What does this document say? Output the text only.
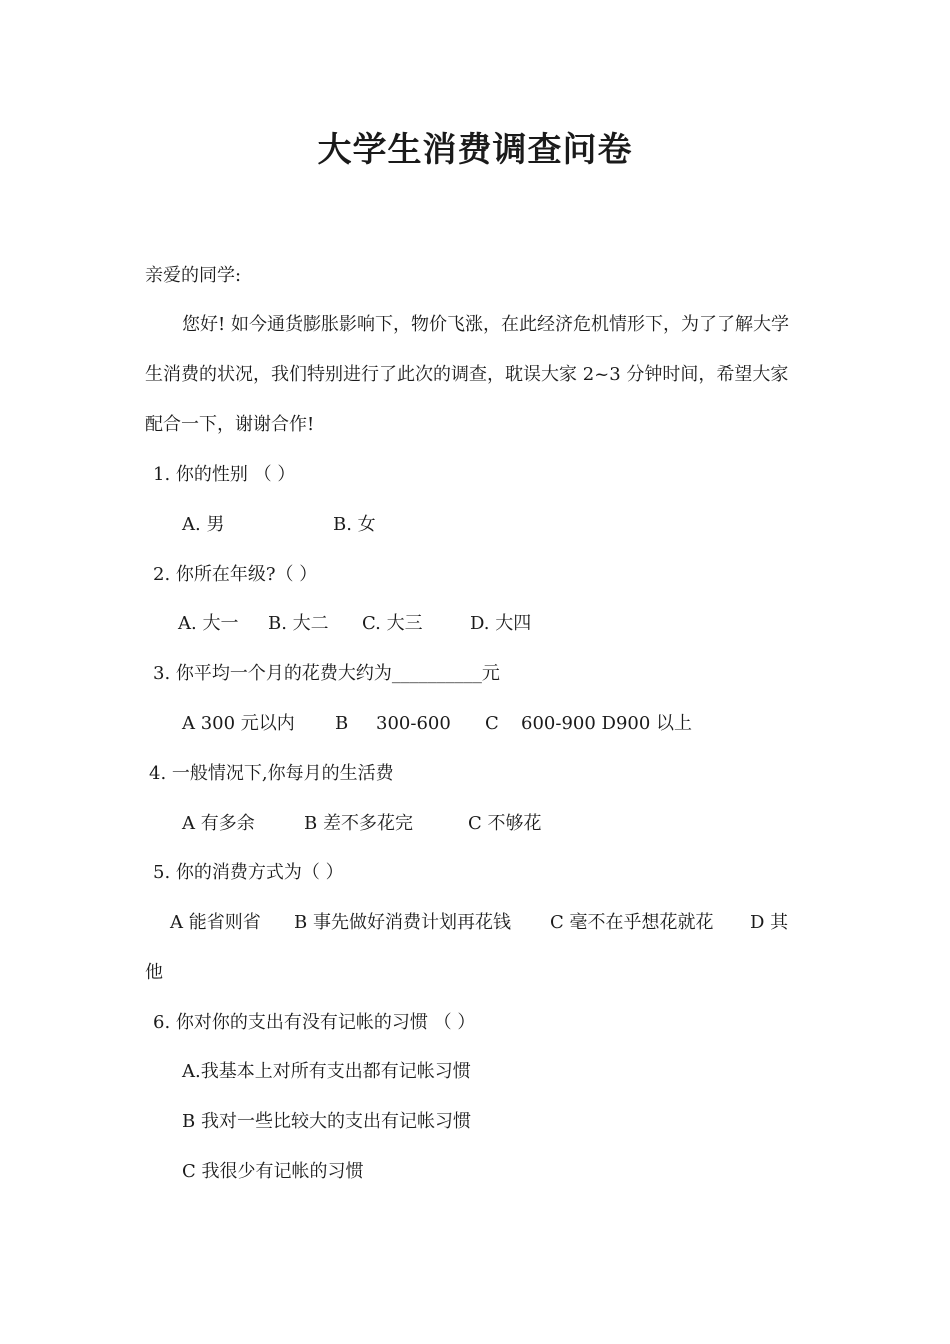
大学生消费调查问卷
亲爱的同学:
您好! 如今通货膨胀影响下，物价飞涨，在此经济危机情形下，为了了解大学
生消费的状况，我们特别进行了此次的调查，耽误大家 2~3 分钟时间，希望大家
配合一下，谢谢合作!
1. 你的性别 （ ）
A. 男	B. 女
2. 你所在年级?（ ）
A. 大一 B. 大二 C. 大三	D. 大四
3. 你平均一个月的花费大约为__________元
A 300 元以内 B 300-600 C 600-900 D900 以上
4. 一般情况下,你每月的生活费
A 有多余	B 差不多花完	C 不够花
5. 你的消费方式为（ ）
A 能省则省 B 事先做好消费计划再花钱 C 毫不在乎想花就花 D 其
他
6. 你对你的支出有没有记帐的习惯 （ ）
A.我基本上对所有支出都有记帐习惯
B 我对一些比较大的支出有记帐习惯
C 我很少有记帐的习惯
